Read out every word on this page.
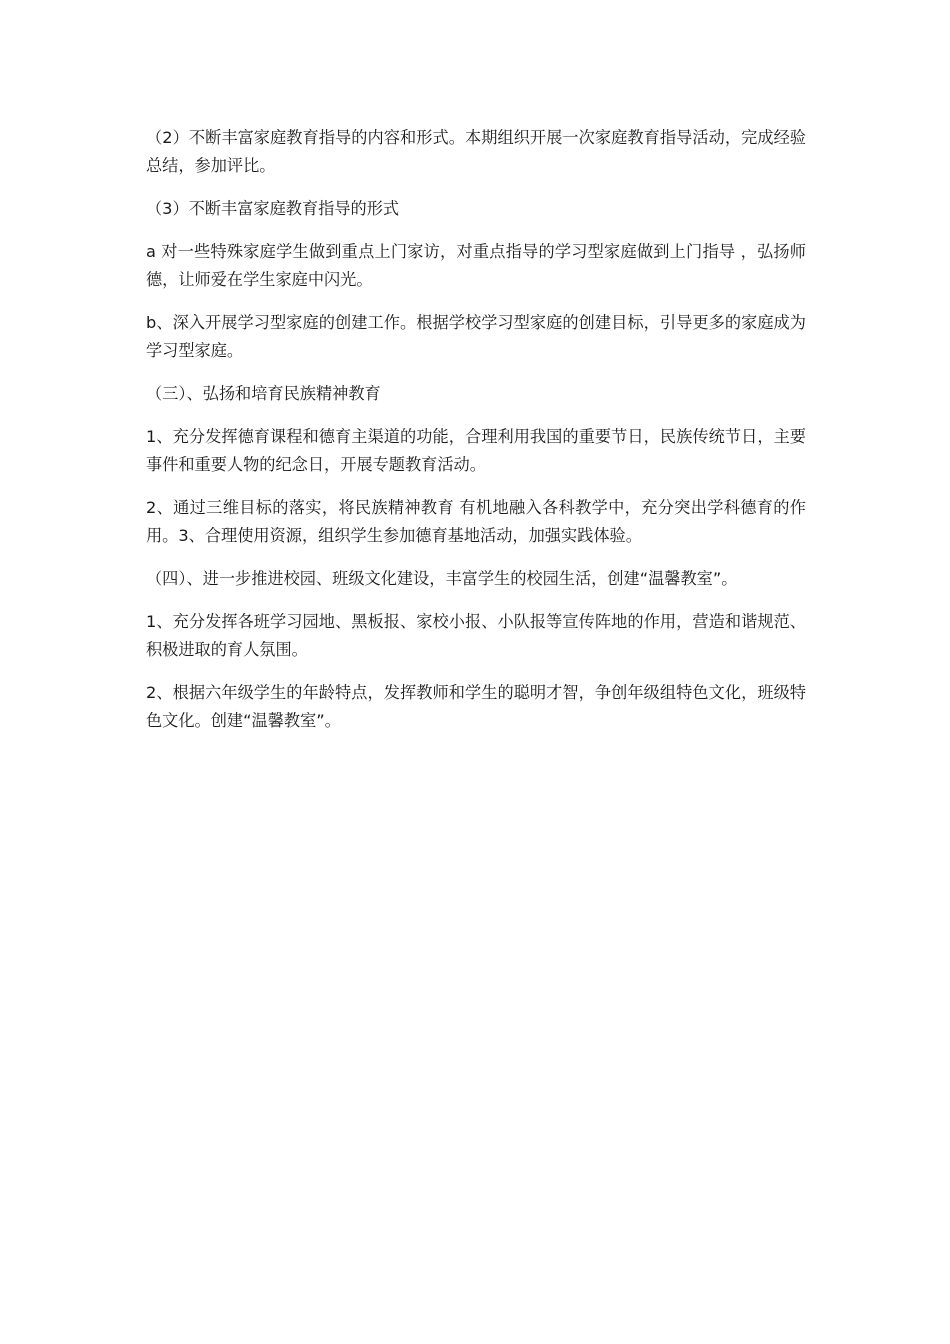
（2）不断丰富家庭教育指导的内容和形式。本期组织开展一次家庭教育指导活动，完成经验总结，参加评比。

（3）不断丰富家庭教育指导的形式

a 对一些特殊家庭学生做到重点上门家访，对重点指导的学习型家庭做到上门指导 ，弘扬师德，让师爱在学生家庭中闪光。

b、深入开展学习型家庭的创建工作。根据学校学习型家庭的创建目标，引导更多的家庭成为学习型家庭。

（三）、弘扬和培育民族精神教育

1、充分发挥德育课程和德育主渠道的功能，合理利用我国的重要节日，民族传统节日，主要事件和重要人物的纪念日，开展专题教育活动。

2、通过三维目标的落实，将民族精神教育 有机地融入各科教学中，充分突出学科德育的作用。3、合理使用资源，组织学生参加德育基地活动，加强实践体验。

（四）、进一步推进校园、班级文化建设，丰富学生的校园生活，创建“温馨教室”。

1、充分发挥各班学习园地、黑板报、家校小报、小队报等宣传阵地的作用，营造和谐规范、积极进取的育人氛围。

2、根据六年级学生的年龄特点，发挥教师和学生的聪明才智，争创年级组特色文化，班级特色文化。创建“温馨教室”。
